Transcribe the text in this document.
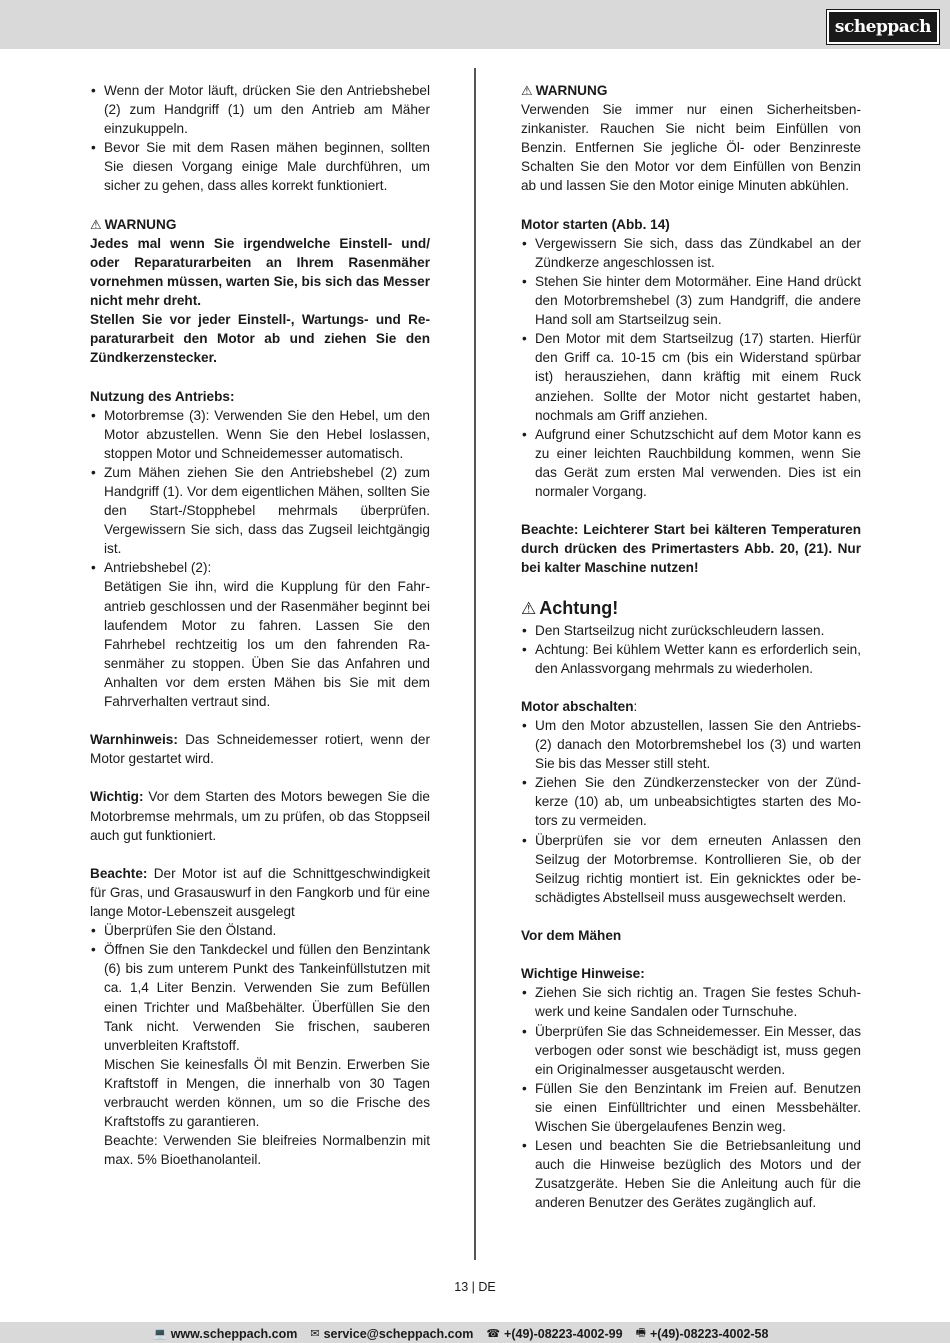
scheppach
• Wenn der Motor läuft, drücken Sie den Antriebshebel (2) zum Handgriff (1) um den Antrieb am Mäher einzukuppeln.
• Bevor Sie mit dem Rasen mähen beginnen, sollten Sie diesen Vorgang einige Male durchführen, um sicher zu gehen, dass alles korrekt funktioniert.

⚠ WARNUNG

Jedes mal wenn Sie irgendwelche Einstell- und/ oder Reparaturarbeiten an Ihrem Rasenmäher vornehmen müssen, warten Sie, bis sich das Messer nicht mehr dreht.

Stellen Sie vor jeder Einstell-, Wartungs- und Reparaturarbeit den Motor ab und ziehen Sie den Zündkerzenstecker.

Nutzung des Antriebs:

• Motorbremse (3): Verwenden Sie den Hebel, um den Motor abzustellen. Wenn Sie den Hebel loslassen, stoppen Motor und Schneidemesser automatisch.
• Zum Mähen ziehen Sie den Antriebshebel (2) zum Handgriff (1). Vor dem eigentlichen Mähen, sollten Sie den Start-/Stopphebel mehrmals überprüfen. Vergewissern Sie sich, dass das Zugseil leichtgängig ist.
• Antriebshebel (2):
Betätigen Sie ihn, wird die Kupplung für den Fahrantrieb geschlossen und der Rasenmäher beginnt bei laufendem Motor zu fahren. Lassen Sie den Fahrhebel rechtzeitig los um den fahrenden Rasenmäher zu stoppen. Üben Sie das Anfahren und Anhalten vor dem ersten Mähen bis Sie mit dem Fahrverhalten vertraut sind.

Warnhinweis: Das Schneidemesser rotiert, wenn der Motor gestartet wird.

Wichtig: Vor dem Starten des Motors bewegen Sie die Motorbremse mehrmals, um zu prüfen, ob das Stoppseil auch gut funktioniert.

Beachte: Der Motor ist auf die Schnittgeschwindigkeit für Gras, und Grasauswurf in den Fangkorb und für eine lange Motor-Lebenszeit ausgelegt

• Überprüfen Sie den Ölstand.
• Öffnen Sie den Tankdeckel und füllen den Benzintank (6) bis zum unterem Punkt des Tankeinfüllstutzen mit ca. 1,4 Liter Benzin. Verwenden Sie zum Befüllen einen Trichter und Maßbehälter. Überfüllen Sie den Tank nicht. Verwenden Sie frischen, sauberen unverbleiten Kraftstoff.
Mischen Sie keinesfalls Öl mit Benzin. Erwerben Sie Kraftstoff in Mengen, die innerhalb von 30 Tagen verbraucht werden können, um so die Frische des Kraftstoffs zu garantieren.
Beachte: Verwenden Sie bleifreies Normalbenzin mit max. 5% Bioethanolanteil.

⚠ WARNUNG

Verwenden Sie immer nur einen Sicherheitsbenzinkanister. Rauchen Sie nicht beim Einfüllen von Benzin. Entfernen Sie jegliche Öl- oder Benzinreste Schalten Sie den Motor vor dem Einfüllen von Benzin ab und lassen Sie den Motor einige Minuten abkühlen.

Motor starten (Abb. 14)

• Vergewissern Sie sich, dass das Zündkabel an der Zündkerze angeschlossen ist.
• Stehen Sie hinter dem Motormäher. Eine Hand drückt den Motorbremshebel (3) zum Handgriff, die andere Hand soll am Startseilzug sein.
• Den Motor mit dem Startseilzug (17) starten. Hierfür den Griff ca. 10-15 cm (bis ein Widerstand spürbar ist) herausziehen, dann kräftig mit einem Ruck anziehen. Sollte der Motor nicht gestartet haben, nochmals am Griff anziehen.
• Aufgrund einer Schutzschicht auf dem Motor kann es zu einer leichten Rauchbildung kommen, wenn Sie das Gerät zum ersten Mal verwenden. Dies ist ein normaler Vorgang.

Beachte: Leichterer Start bei kälteren Temperaturen durch drücken des Primertasters Abb. 20, (21). Nur bei kalter Maschine nutzen!

⚠ Achtung!

• Den Startseilzug nicht zurückschleudern lassen.
• Achtung: Bei kühlem Wetter kann es erforderlich sein, den Anlassvorgang mehrmals zu wiederholen.

Motor abschalten:

• Um den Motor abzustellen, lassen Sie den Antriebs- (2) danach den Motorbremshebel los (3) und warten Sie bis das Messer still steht.
• Ziehen Sie den Zündkerzenstecker von der Zündkerze (10) ab, um unbeabsichtigtes starten des Motors zu vermeiden.
• Überprüfen sie vor dem erneuten Anlassen den Seilzug der Motorbremse. Kontrollieren Sie, ob der Seilzug richtig montiert ist. Ein geknicktes oder beschädigtes Abstellseil muss ausgewechselt werden.

Vor dem Mähen

Wichtige Hinweise:

• Ziehen Sie sich richtig an. Tragen Sie festes Schuhwerk und keine Sandalen oder Turnschuhe.
• Überprüfen Sie das Schneidemesser. Ein Messer, das verbogen oder sonst wie beschädigt ist, muss gegen ein Originalmesser ausgetauscht werden.
• Füllen Sie den Benzintank im Freien auf. Benutzen sie einen Einfülltrichter und einen Messbehälter. Wischen Sie übergelaufenes Benzin weg.
• Lesen und beachten Sie die Betriebsanleitung und auch die Hinweise bezüglich des Motors und der Zusatzgeräte. Heben Sie die Anleitung auch für die anderen Benutzer des Gerätes zugänglich auf.
13 | DE
💻 www.scheppach.com ✉ service@scheppach.com ☎ +(49)-08223-4002-99 🖷 +(49)-08223-4002-58
